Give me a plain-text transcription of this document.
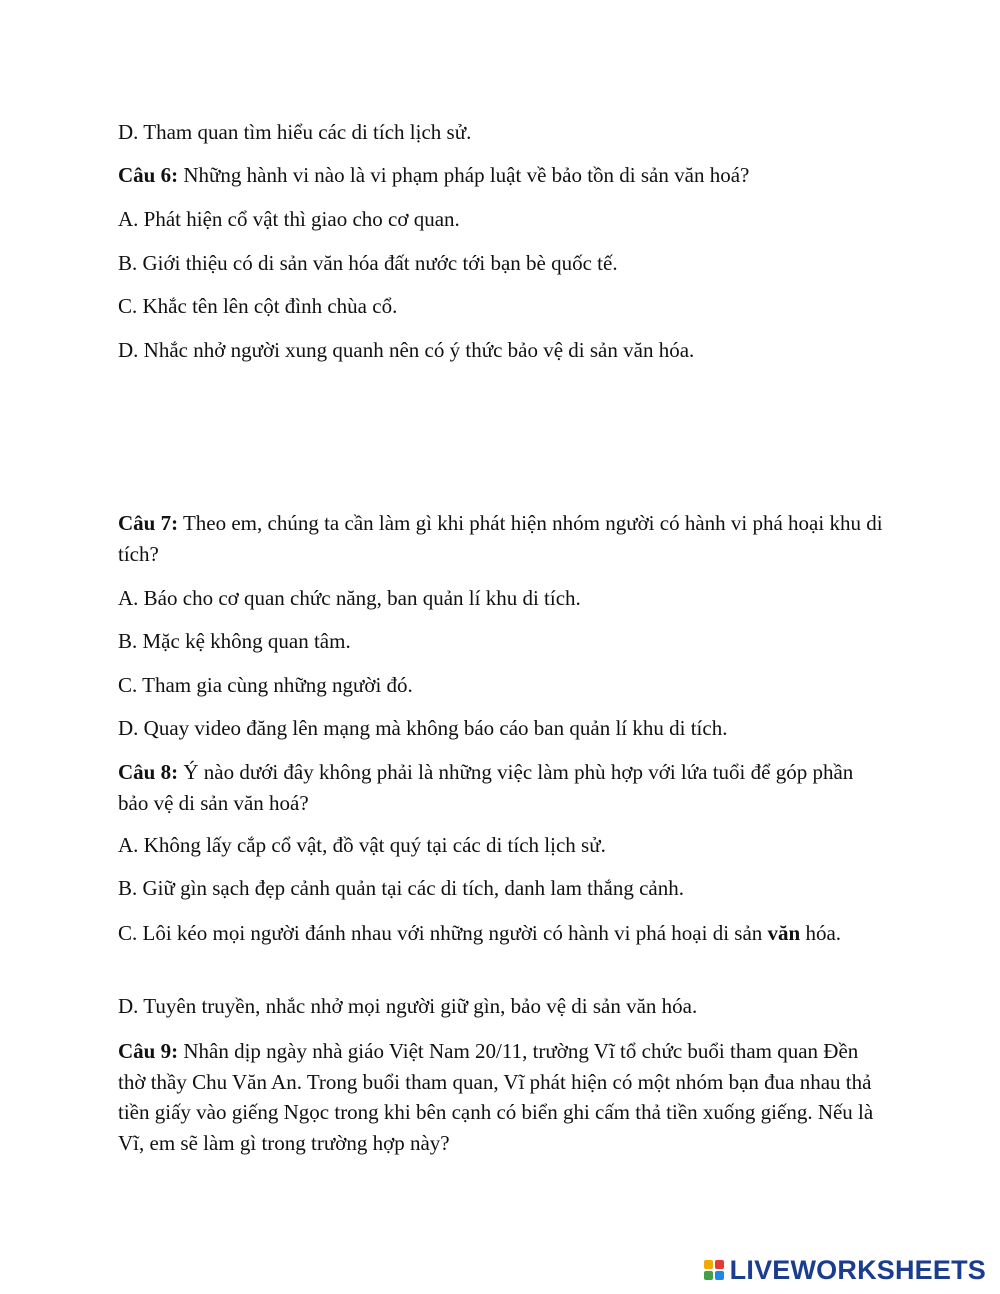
D. Tham quan tìm hiểu các di tích lịch sử.
Câu 6: Những hành vi nào là vi phạm pháp luật về bảo tồn di sản văn hoá?
A. Phát hiện cổ vật thì giao cho cơ quan.
B. Giới thiệu có di sản văn hóa đất nước tới bạn bè quốc tế.
C. Khắc tên lên cột đình chùa cổ.
D. Nhắc nhở người xung quanh nên có ý thức bảo vệ di sản văn hóa.
Câu 7: Theo em, chúng ta cần làm gì khi phát hiện nhóm người có hành vi phá hoại khu di tích?
A. Báo cho cơ quan chức năng, ban quản lí khu di tích.
B. Mặc kệ không quan tâm.
C. Tham gia cùng những người đó.
D. Quay video đăng lên mạng mà không báo cáo ban quản lí khu di tích.
Câu 8: Ý nào dưới đây không phải là những việc làm phù hợp với lứa tuổi để góp phần bảo vệ di sản văn hoá?
A. Không lấy cắp cổ vật, đồ vật quý tại các di tích lịch sử.
B. Giữ gìn sạch đẹp cảnh quản tại các di tích, danh lam thắng cảnh.
C. Lôi kéo mọi người đánh nhau với những người có hành vi phá hoại di sản văn hóa.
D. Tuyên truyền, nhắc nhở mọi người giữ gìn, bảo vệ di sản văn hóa.
Câu 9: Nhân dịp ngày nhà giáo Việt Nam 20/11, trường Vĩ tổ chức buổi tham quan Đền thờ thầy Chu Văn An. Trong buổi tham quan, Vĩ phát hiện có một nhóm bạn đua nhau thả tiền giấy vào giếng Ngọc trong khi bên cạnh có biển ghi cấm thả tiền xuống giếng. Nếu là Vĩ, em sẽ làm gì trong trường hợp này?
LIVEWORKSHEETS
